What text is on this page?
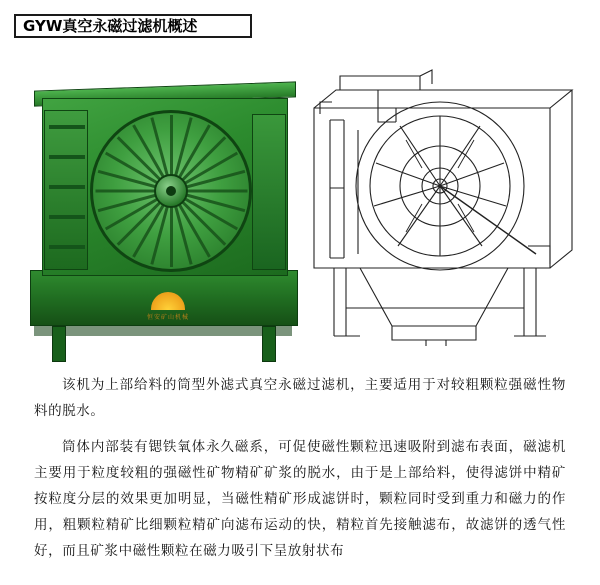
GYW真空永磁过滤机概述
恒安矿山机械

该机为上部给料的筒型外滤式真空永磁过滤机，主要适用于对较粗颗粒强磁性物料的脱水。

筒体内部装有锶铁氧体永久磁系，可促使磁性颗粒迅速吸附到滤布表面，磁滤机主要用于粒度较粗的强磁性矿物精矿矿浆的脱水，由于是上部给料，使得滤饼中精矿按粒度分层的效果更加明显，当磁性精矿形成滤饼时，颗粒同时受到重力和磁力的作用，粗颗粒精矿比细颗粒精矿向滤布运动的快，精粒首先接触滤布，故滤饼的透气性好，而且矿浆中磁性颗粒在磁力吸引下呈放射状布
